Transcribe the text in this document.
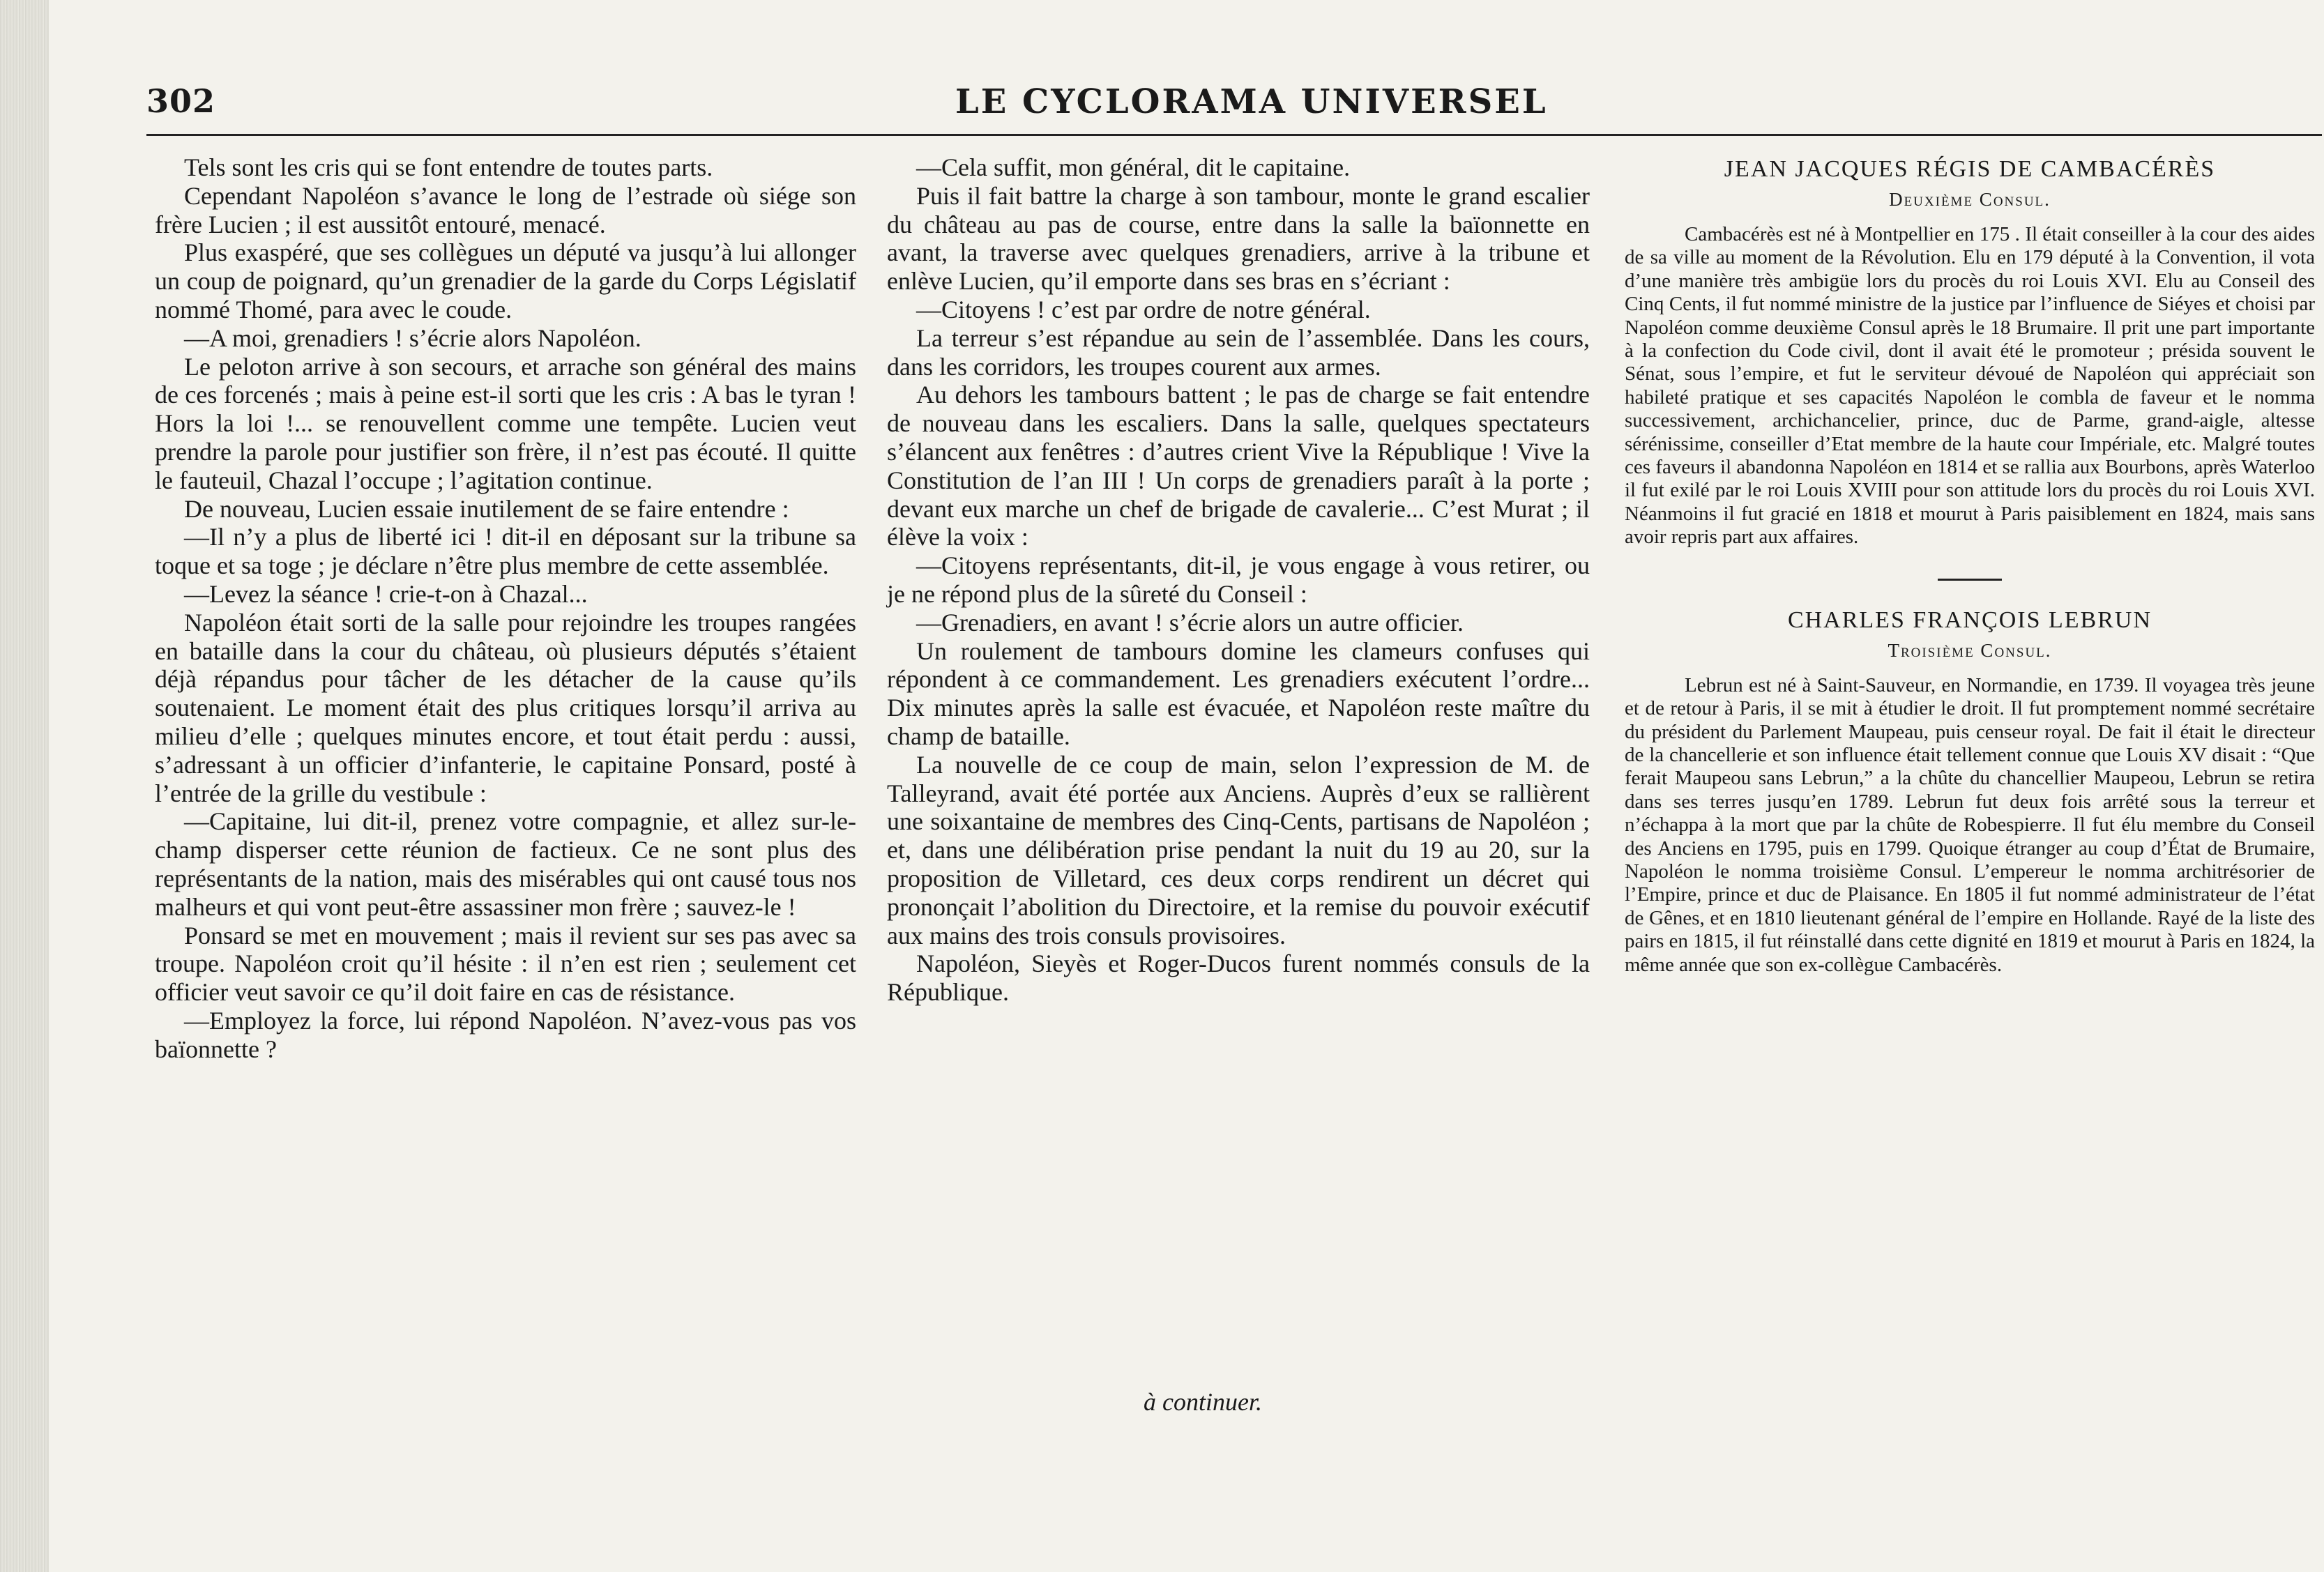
302	LE CYCLORAMA UNIVERSEL

Tels sont les cris qui se font entendre de toutes parts.

Cependant Napoléon s’avance le long de l’estrade où siége son frère Lucien ; il est aussitôt entouré, menacé.

Plus exaspéré, que ses collègues un député va jusqu’à lui allonger un coup de poignard, qu’un grenadier de la garde du Corps Législatif nommé Thomé, para avec le coude.

—A moi, grenadiers ! s’écrie alors Napoléon.

Le peloton arrive à son secours, et arrache son général des mains de ces forcenés ; mais à peine est-il sorti que les cris : A bas le tyran ! Hors la loi !... se renouvellent comme une tempête. Lucien veut prendre la parole pour justifier son frère, il n’est pas écouté. Il quitte le fauteuil, Chazal l’occupe ; l’agitation continue.

De nouveau, Lucien essaie inutilement de se faire entendre :

—Il n’y a plus de liberté ici ! dit-il en déposant sur la tribune sa toque et sa toge ; je déclare n’être plus membre de cette assemblée.

—Levez la séance ! crie-t-on à Chazal...

Napoléon était sorti de la salle pour rejoindre les troupes rangées en bataille dans la cour du château, où plusieurs députés s’étaient déjà répandus pour tâcher de les détacher de la cause qu’ils soutenaient. Le moment était des plus critiques lorsqu’il arriva au milieu d’elle ; quelques minutes encore, et tout était perdu : aussi, s’adressant à un officier d’infanterie, le capitaine Ponsard, posté à l’entrée de la grille du vestibule :

—Capitaine, lui dit-il, prenez votre compagnie, et allez sur-le-champ disperser cette réunion de factieux. Ce ne sont plus des représentants de la nation, mais des misérables qui ont causé tous nos malheurs et qui vont peut-être assassiner mon frère ; sauvez-le !

Ponsard se met en mouvement ; mais il revient sur ses pas avec sa troupe. Napoléon croit qu’il hésite : il n’en est rien ; seulement cet officier veut savoir ce qu’il doit faire en cas de résistance.

—Employez la force, lui répond Napoléon. N’avez-vous pas vos baïonnette ?

—Cela suffit, mon général, dit le capitaine.

Puis il fait battre la charge à son tambour, monte le grand escalier du château au pas de course, entre dans la salle la baïonnette en avant, la traverse avec quelques grenadiers, arrive à la tribune et enlève Lucien, qu’il emporte dans ses bras en s’écriant :

—Citoyens ! c’est par ordre de notre général.

La terreur s’est répandue au sein de l’assemblée. Dans les cours, dans les corridors, les troupes courent aux armes.

Au dehors les tambours battent ; le pas de charge se fait entendre de nouveau dans les escaliers. Dans la salle, quelques spectateurs s’élancent aux fenêtres : d’autres crient Vive la République ! Vive la Constitution de l’an III ! Un corps de grenadiers paraît à la porte ; devant eux marche un chef de brigade de cavalerie... C’est Murat ; il élève la voix :

—Citoyens représentants, dit-il, je vous engage à vous retirer, ou je ne répond plus de la sûreté du Conseil :

—Grenadiers, en avant ! s’écrie alors un autre officier.

Un roulement de tambours domine les clameurs confuses qui répondent à ce commandement. Les grenadiers exécutent l’ordre... Dix minutes après la salle est évacuée, et Napoléon reste maître du champ de bataille.

La nouvelle de ce coup de main, selon l’expression de M. de Talleyrand, avait été portée aux Anciens. Auprès d’eux se rallièrent une soixantaine de membres des Cinq-Cents, partisans de Napoléon ; et, dans une délibération prise pendant la nuit du 19 au 20, sur la proposition de Villetard, ces deux corps rendirent un décret qui prononçait l’abolition du Directoire, et la remise du pouvoir exécutif aux mains des trois consuls provisoires.

Napoléon, Sieyès et Roger-Ducos furent nommés consuls de la République.

à continuer.

JEAN JACQUES RÉGIS DE CAMBACÉRÈS

Deuxième Consul.

Cambacérès est né à Montpellier en 175 . Il était conseiller à la cour des aides de sa ville au moment de la Révolution. Elu en 179 député à la Convention, il vota d’une manière très ambigüe lors du procès du roi Louis XVI. Elu au Conseil des Cinq Cents, il fut nommé ministre de la justice par l’influence de Siéyes et choisi par Napoléon comme deuxième Consul après le 18 Brumaire. Il prit une part importante à la confection du Code civil, dont il avait été le promoteur ; présida souvent le Sénat, sous l’empire, et fut le serviteur dévoué de Napoléon qui appréciait son habileté pratique et ses capacités Napoléon le combla de faveur et le nomma successivement, archichancelier, prince, duc de Parme, grand-aigle, altesse sérénissime, conseiller d’Etat membre de la haute cour Impériale, etc. Malgré toutes ces faveurs il abandonna Napoléon en 1814 et se rallia aux Bourbons, après Waterloo il fut exilé par le roi Louis XVIII pour son attitude lors du procès du roi Louis XVI. Néanmoins il fut gracié en 1818 et mourut à Paris paisiblement en 1824, mais sans avoir repris part aux affaires.

CHARLES FRANÇOIS LEBRUN

Troisième Consul.

Lebrun est né à Saint-Sauveur, en Normandie, en 1739. Il voyagea très jeune et de retour à Paris, il se mit à étudier le droit. Il fut promptement nommé secrétaire du président du Parlement Maupeau, puis censeur royal. De fait il était le directeur de la chancellerie et son influence était tellement connue que Louis XV disait : “Que ferait Maupeou sans Lebrun,” a la chûte du chancellier Maupeou, Lebrun se retira dans ses terres jusqu’en 1789. Lebrun fut deux fois arrêté sous la terreur et n’échappa à la mort que par la chûte de Robespierre. Il fut élu membre du Conseil des Anciens en 1795, puis en 1799. Quoique étranger au coup d’État de Brumaire, Napoléon le nomma troisième Consul. L’empereur le nomma architrésorier de l’Empire, prince et duc de Plaisance. En 1805 il fut nommé administrateur de l’état de Gênes, et en 1810 lieutenant général de l’empire en Hollande. Rayé de la liste des pairs en 1815, il fut réinstallé dans cette dignité en 1819 et mourut à Paris en 1824, la même année que son ex-collègue Cambacérès.
